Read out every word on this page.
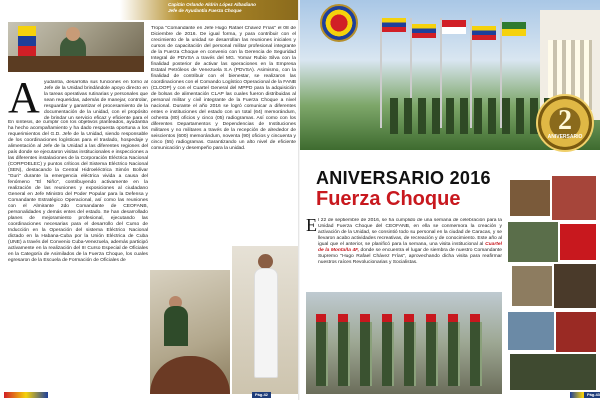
Capitán Orlando Aldrin López Albadiano
Jefe de Ayudantía Fuerza Choque
A yudantía, desarrolla sus funciones en torno al Jefe de la Unidad brindándole apoyo directo en la tareas operativas rutinarias y personales que sean requeridas, además de manejar, controlar, resguardar y garantizar el procesamiento de la documentación de la unidad, con el propósito de brindar un servicio eficaz y eficiente para el
En síntesis, de cumplir con los objetivos planteados, ayudantía ha hecho acompañamiento y ha dado respuesta oportuna a los requerimientos del G.D. Jefe de la Unidad, siendo responsable de los coordinaciones logísticas para el traslado, hospedaje y alimentación al Jefe de la Unidad a las diferentes regiones del país donde se ejecutaron visitas institucionales e inspecciones a las diferentes instalaciones de la Corporación Eléctrica Nacional (CORPOELEC) y puntos críticos del Sistema Eléctrico Nacional (SEN), destacando la Central Hidroeléctrica Simón Bolívar "Guri" durante la emergencia eléctrica vivida a causa del fenómeno "El Niño", contribuyendo activamente en la realización de las reuniones y exposiciones al ciudadano General en Jefe Ministro del Poder Popular para la Defensa y Comandante Estratégico Operacional, así como las reuniones con el Almirante 2do Comandante de CEOFANB, personalidades y demás entes del estado. Se han desarrollado planes de mejoramiento profesional, ejecutando las coordinaciones necesarias para el desarrollo del Curso de Inducción en la Operación del sistema Eléctrico Nacional dictado en la Habana-Cuba por la Unión Eléctrica de Cuba (UNE) a través del Convenio Cuba-Venezuela, además participó activamente en la realización del III Curso Especial de Oficiales en la Categoría de Asimilados de la Fuerza Choque, los cuales egresaron de la Escuela de Formación de Oficiales de
Tropa "Comandante en Jefe Hugo Rafael Chávez Frías" el 08 de Diciembre de 2016. De igual forma, y para contribuir con el crecimiento de la unidad se desarrollan las reuniones iniciales y cursos de capacitación del personal militar profesional integrante de la Fuerza Choque en convenio con la Gerencia de Seguridad Integral de PDVSA a través del MG. Yomar Rubio Silva con la finalidad posterior de activar las operaciones en la Empresa Estatal Petróleos de Venezuela S.A (PDVSA). Asimismo, con la finalidad de contribuir con el bienestar, se realizaron las coordinaciones con el Comando Logístico Operacional de la FANB (CLOOP) y con el Cuartel General del MPPD para la adquisición de bolsas de alimentación CLAP las cuales fueron distribuidas al personal militar y civil integrante de la Fuerza Choque a nivel nacional. Durante el año 2016 se logró comunicar a diferentes entes e instituciones del estado con un total (64) memorándum, ochenta (80) oficios y cinco (05) radiogramas. Así como con los diferentes Departamentos y Dependencias de Instituciones militares y no militares a través de la recepción de alrededor de seiscientos (600) memorándum, noventa (90) oficios y cincuenta y cinco (55) radiogramas. Garantizando un alto nivel de eficiente comunicación y desempeño para la unidad.
Pág.42
2
ANIVERSARIO
ANIVERSARIO 2016
Fuerza Choque
E l 22 de septiembre de 2016, se ha cumplido de una semana de celebración para la Unidad Fuerza Choque del CEOFANB, en ella se conmemora la creación y activación de la Unidad, se consintió todo su personal en la ciudad de Caracas, y se llevaron acabo actividades recreativas, de recreación y de conocimiento. Este año al igual que el anterior, se planificó para la semana, una visita institucional al Cuartel de la Montaña 4F, donde se encuentra el lugar de siembra de nuestro Comandante Supremo "Hugo Rafael Chávez Frías", aprovechando dicha visita para reafirmar nuestros raíces Revolucionarias y Socialistas.
Pág.43
